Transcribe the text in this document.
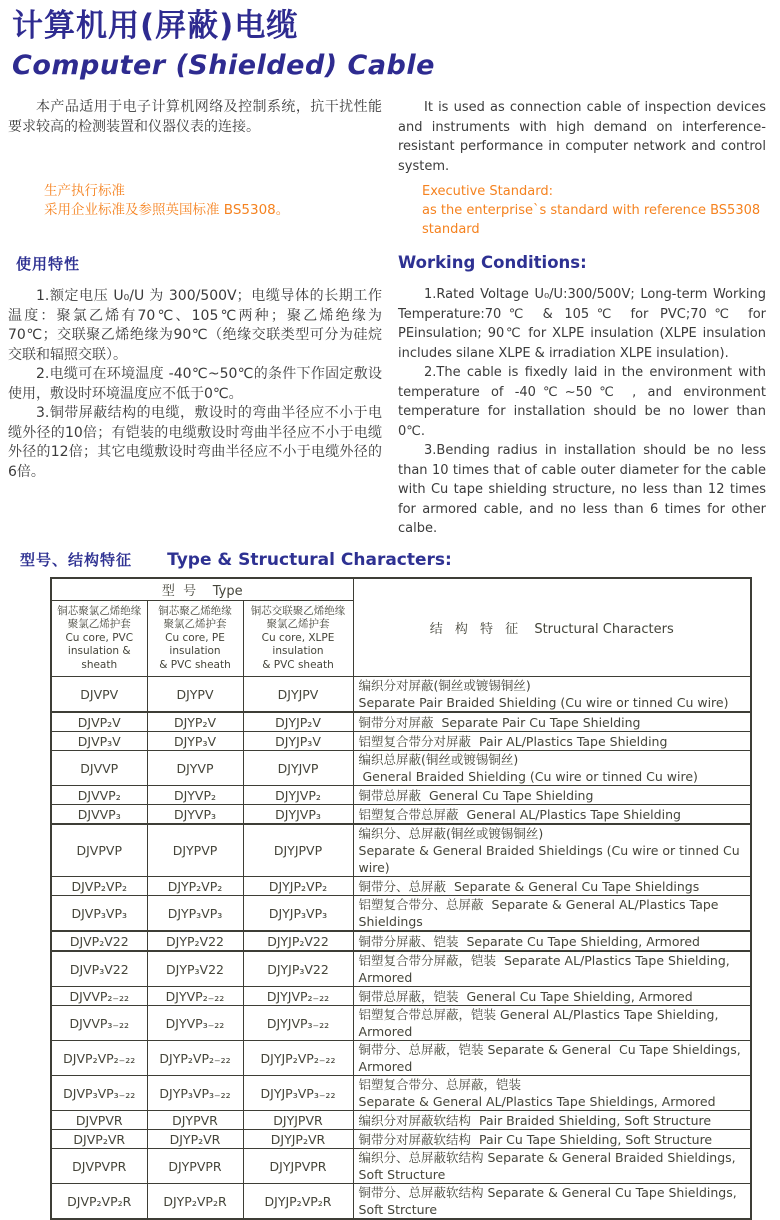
计算机用(屏蔽)电缆
Computer (Shielded) Cable

本产品适用于电子计算机网络及控制系统，抗干扰性能要求较高的检测装置和仪器仪表的连接。

生产执行标准

采用企业标准及参照英国标准 BS5308。

It is used as connection cable of inspection devices and instruments with high demand on interference-resistant performance in computer network and control system.

Executive Standard:

as the enterprise`s standard with reference BS5308 standard

使用特性

1.额定电压 U₀/U 为 300/500V；电缆导体的长期工作温度：聚氯乙烯有70℃、105℃两种；聚乙烯绝缘为70℃；交联聚乙烯绝缘为90℃（绝缘交联类型可分为硅烷交联和辐照交联）。

2.电缆可在环境温度 -40℃~50℃的条件下作固定敷设使用，敷设时环境温度应不低于0℃。

3.铜带屏蔽结构的电缆，敷设时的弯曲半径应不小于电缆外径的10倍；有铠装的电缆敷设时弯曲半径应不小于电缆外径的12倍；其它电缆敷设时弯曲半径应不小于电缆外径的6倍。

Working Conditions:

1.Rated Voltage U₀/U:300/500V; Long-term Working Temperature:70℃ & 105℃ for PVC;70℃ for PEinsulation; 90℃ for XLPE insulation (XLPE insulation includes silane XLPE & irradiation XLPE insulation).

2.The cable is fixedly laid in the environment with temperature of -40℃~50℃ , and environment temperature for installation should be no lower than 0℃.

3.Bending radius in installation should be no less than 10 times that of cable outer diameter for the cable with Cu tape shielding structure, no less than 12 times for armored cable, and no less than 6 times for other calbe.

型号、结构特征 Type & Structural Characters:
型  号    Type			结 构 特 征 Structural Characters

铜芯聚氯乙烯绝缘
聚氯乙烯护套
Cu core, PVC
insulation & sheath

铜芯聚乙烯绝缘
聚氯乙烯护套
Cu core, PE insulation
& PVC sheath

铜芯交联聚乙烯绝缘
聚氯乙烯护套
Cu core, XLPE insulation
& PVC sheath

DJVPV	DJYPV	DJYJPV	编织分对屏蔽(铜丝或镀锡铜丝)
Separate Pair Braided Shielding (Cu wire or tinned Cu wire)

DJVP₂V	DJYP₂V	DJYJP₂V	铜带分对屏蔽  Separate Pair Cu Tape Shielding

DJVP₃V	DJYP₃V	DJYJP₃V	铝塑复合带分对屏蔽  Pair AL/Plastics Tape Shielding

DJVVP	DJYVP	DJYJVP	编织总屏蔽(铜丝或镀锡铜丝)
General Braided Shielding (Cu wire or tinned Cu wire)

DJVVP₂	DJYVP₂	DJYJVP₂	铜带总屏蔽  General Cu Tape Shielding

DJVVP₃	DJYVP₃	DJYJVP₃	铝塑复合带总屏蔽  General AL/Plastics Tape Shielding

DJVPVP	DJYPVP	DJYJPVP	编织分、总屏蔽(铜丝或镀锡铜丝)
Separate & General Braided Shieldings (Cu wire or tinned Cu wire)

DJVP₂VP₂	DJYP₂VP₂	DJYJP₂VP₂	铜带分、总屏蔽  Separate & General Cu Tape Shieldings

DJVP₃VP₃	DJYP₃VP₃	DJYJP₃VP₃	铝塑复合带分、总屏蔽  Separate & General AL/Plastics Tape Shieldings

DJVP₂V22	DJYP₂V22	DJYJP₂V22	铜带分屏蔽、铠装  Separate Cu Tape Shielding, Armored

DJVP₃V22	DJYP₃V22	DJYJP₃V22	铝塑复合带分屏蔽，铠装  Separate AL/Plastics Tape Shielding, Armored

DJVVP₂₋₂₂	DJYVP₂₋₂₂	DJYJVP₂₋₂₂	铜带总屏蔽，铠装  General Cu Tape Shielding, Armored

DJVVP₃₋₂₂	DJYVP₃₋₂₂	DJYJVP₃₋₂₂	铝塑复合带总屏蔽，铠装 General AL/Plastics Tape Shielding, Armored

DJVP₂VP₂₋₂₂	DJYP₂VP₂₋₂₂	DJYJP₂VP₂₋₂₂	铜带分、总屏蔽，铠装 Separate & General  Cu Tape Shieldings, Armored

DJVP₃VP₃₋₂₂	DJYP₃VP₃₋₂₂	DJYJP₃VP₃₋₂₂	铝塑复合带分、总屏蔽，铠装
Separate & General AL/Plastics Tape Shieldings, Armored

DJVPVR	DJYPVR	DJYJPVR	编织分对屏蔽软结构  Pair Braided Shielding, Soft Structure

DJVP₂VR	DJYP₂VR	DJYJP₂VR	铜带分对屏蔽软结构  Pair Cu Tape Shielding, Soft Structure

DJVPVPR	DJYPVPR	DJYJPVPR	编织分、总屏蔽软结构 Separate & General Braided Shieldings, Soft Structure

DJVP₂VP₂R	DJYP₂VP₂R	DJYJP₂VP₂R	铜带分、总屏蔽软结构 Separate & General Cu Tape Shieldings, Soft Strcture
